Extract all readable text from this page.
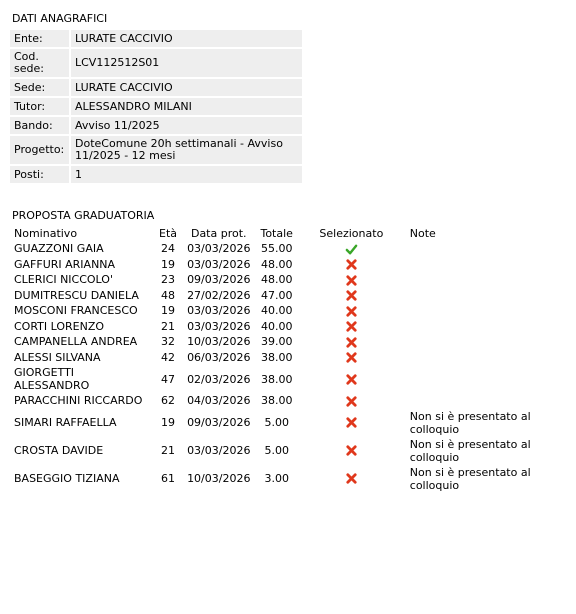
DATI ANAGRAFICI
Ente:	LURATE CACCIVIO
Cod. sede:	LCV112512S01
Sede:	LURATE CACCIVIO
Tutor:	ALESSANDRO MILANI
Bando:	Avviso 11/2025
Progetto:	DoteComune 20h settimanali - Avviso 11/2025 - 12 mesi
Posti:	1
PROPOSTA GRADUATORIA
Nominativo	Età	Data prot.	Totale	Selezionato	Note
GUAZZONI GAIA	24	03/03/2026	55.00		
GAFFURI ARIANNA	19	03/03/2026	48.00		
CLERICI NICCOLO'	23	09/03/2026	48.00		
DUMITRESCU DANIELA	48	27/02/2026	47.00		
MOSCONI FRANCESCO	19	03/03/2026	40.00		
CORTI LORENZO	21	03/03/2026	40.00		
CAMPANELLA ANDREA	32	10/03/2026	39.00		
ALESSI SILVANA	42	06/03/2026	38.00		
GIORGETTI ALESSANDRO	47	02/03/2026	38.00		
PARACCHINI RICCARDO	62	04/03/2026	38.00		
SIMARI RAFFAELLA	19	09/03/2026	5.00		Non si è presentato al colloquio
CROSTA DAVIDE	21	03/03/2026	5.00		Non si è presentato al colloquio
BASEGGIO TIZIANA	61	10/03/2026	3.00		Non si è presentato al colloquio
